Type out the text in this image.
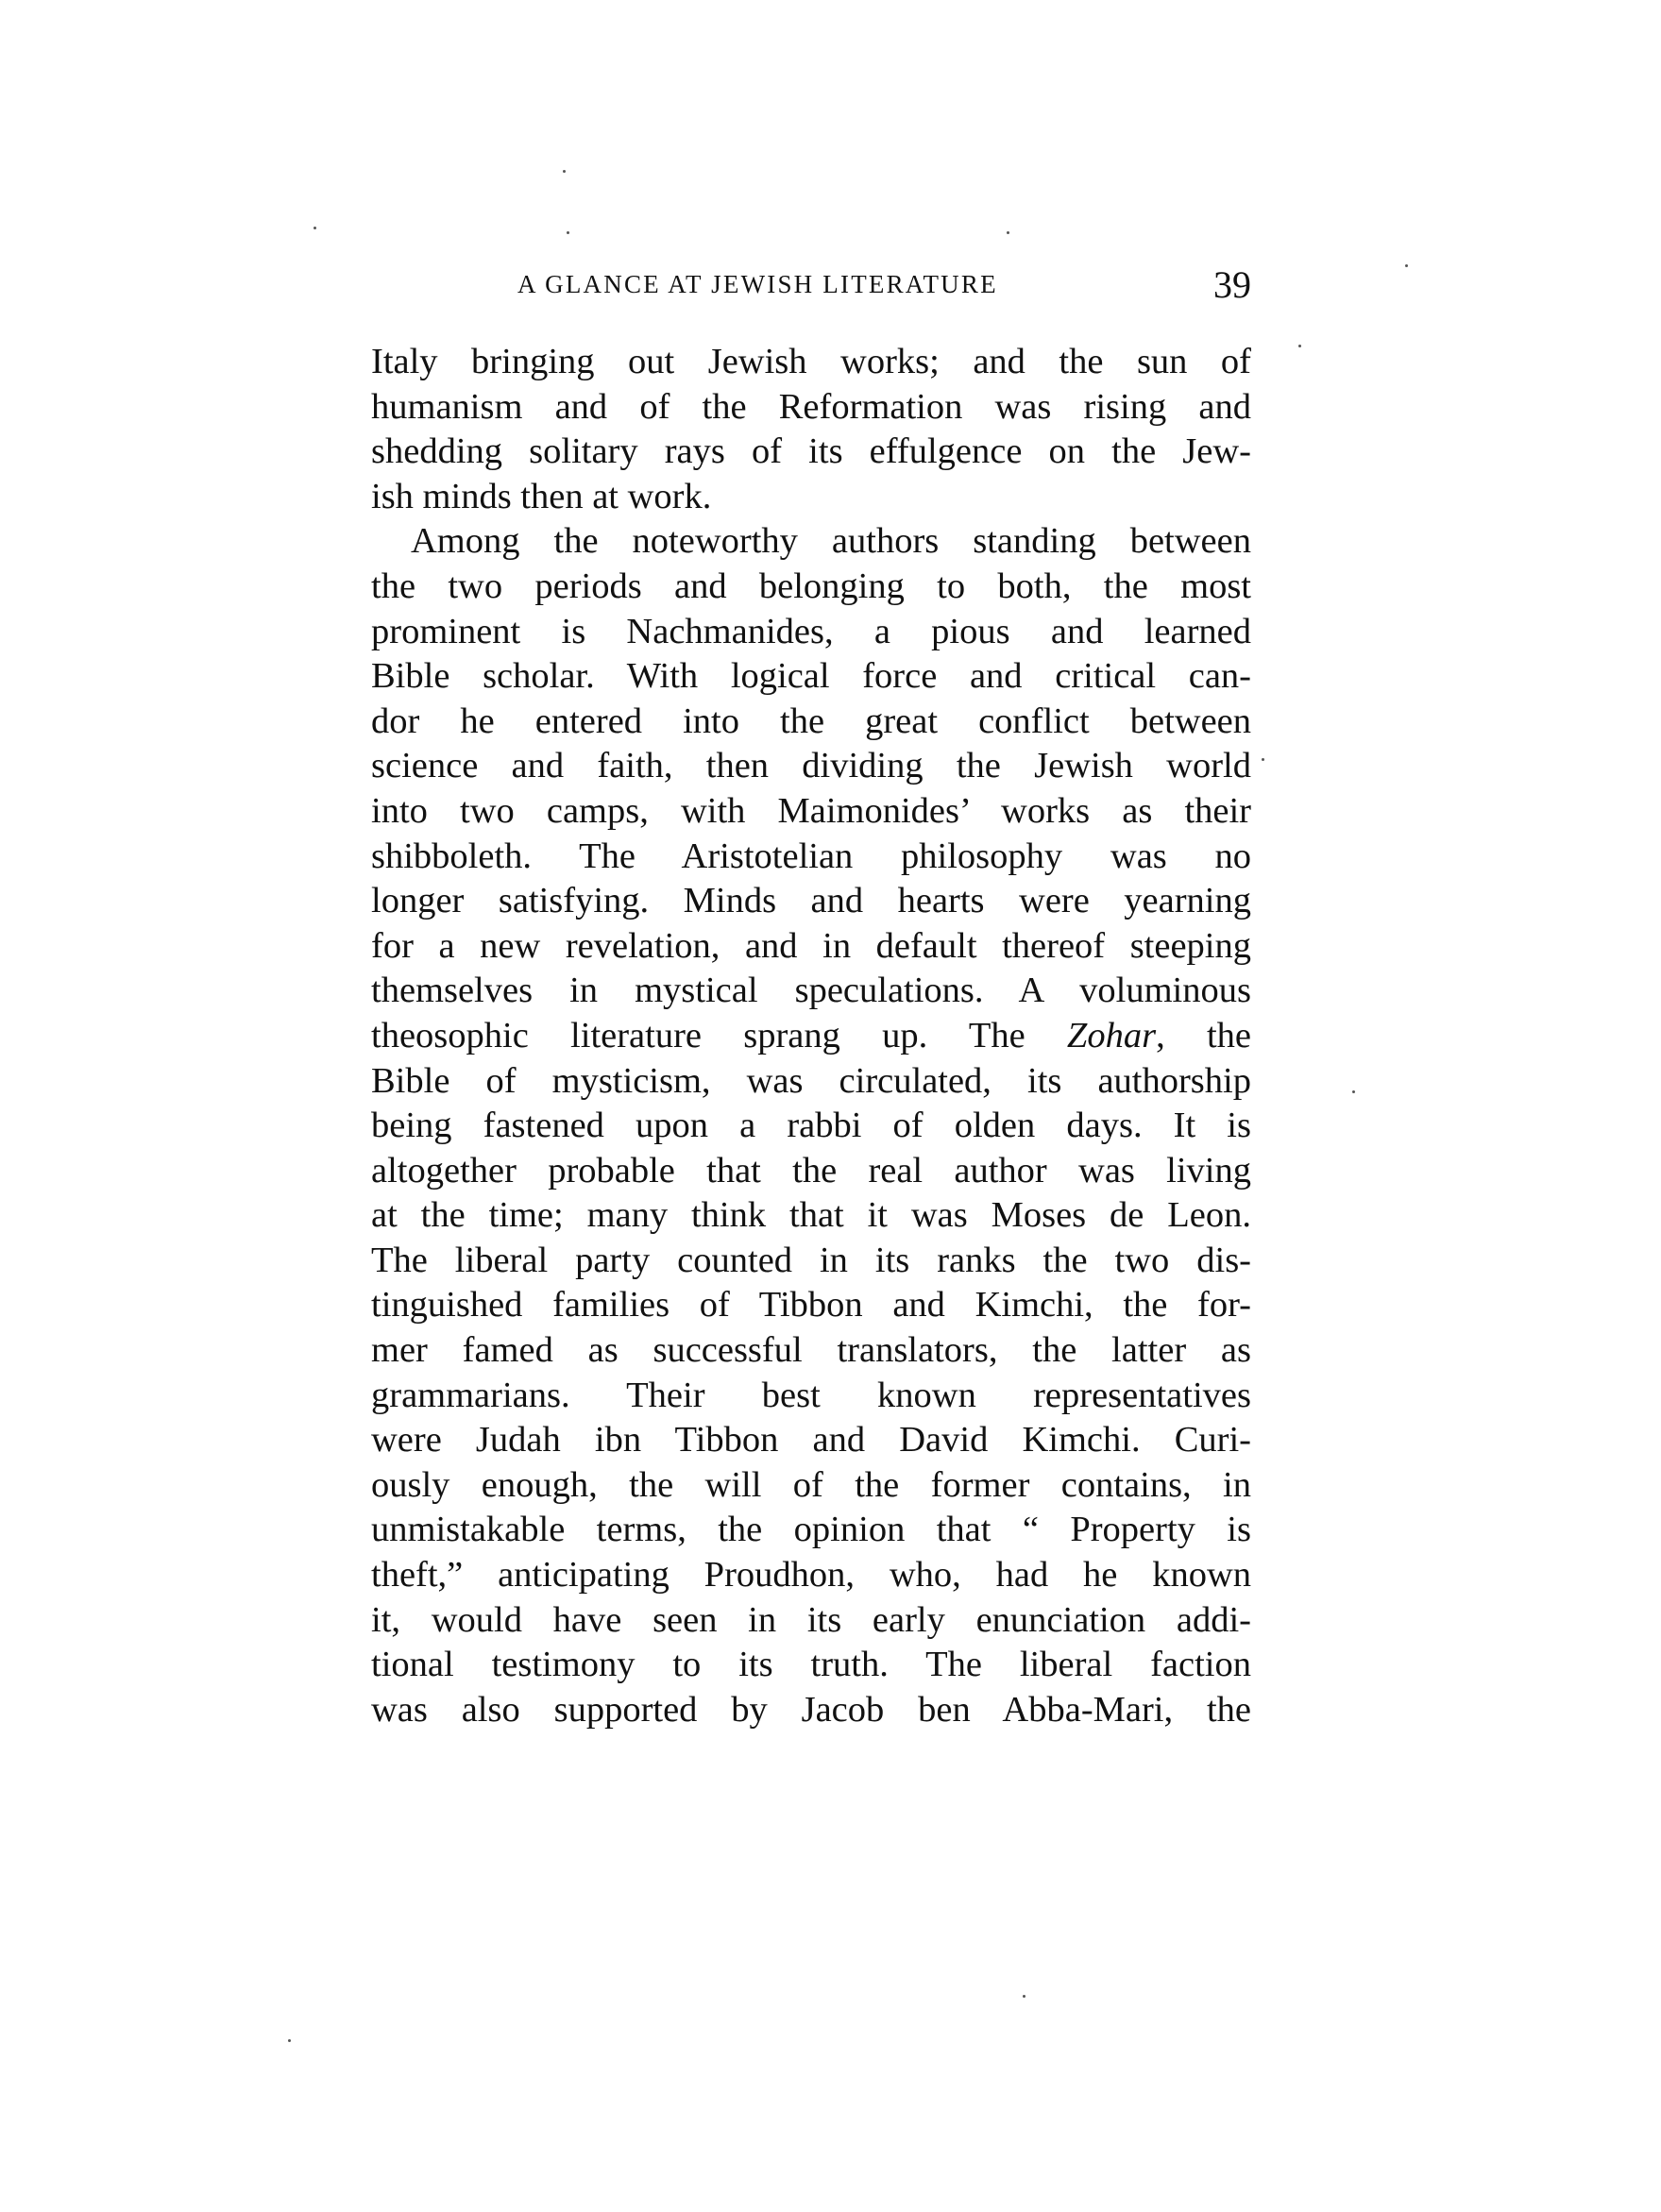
A GLANCE AT JEWISH LITERATURE	39
Italy bringing out Jewish works; and the sun of
humanism and of the Reformation was rising and
shedding solitary rays of its effulgence on the Jew-
ish minds then at work.
Among the noteworthy authors standing between
the two periods and belonging to both, the most
prominent is Nachmanides, a pious and learned
Bible scholar. With logical force and critical can-
dor he entered into the great conflict between
science and faith, then dividing the Jewish world
into two camps, with Maimonides’ works as their
shibboleth. The Aristotelian philosophy was no
longer satisfying. Minds and hearts were yearning
for a new revelation, and in default thereof steeping
themselves in mystical speculations. A voluminous
theosophic literature sprang up. The Zohar, the
Bible of mysticism, was circulated, its authorship
being fastened upon a rabbi of olden days. It is
altogether probable that the real author was living
at the time; many think that it was Moses de Leon.
The liberal party counted in its ranks the two dis-
tinguished families of Tibbon and Kimchi, the for-
mer famed as successful translators, the latter as
grammarians. Their best known representatives
were Judah ibn Tibbon and David Kimchi. Curi-
ously enough, the will of the former contains, in
unmistakable terms, the opinion that “ Property is
theft,” anticipating Proudhon, who, had he known
it, would have seen in its early enunciation addi-
tional testimony to its truth. The liberal faction
was also supported by Jacob ben Abba-Mari, the
